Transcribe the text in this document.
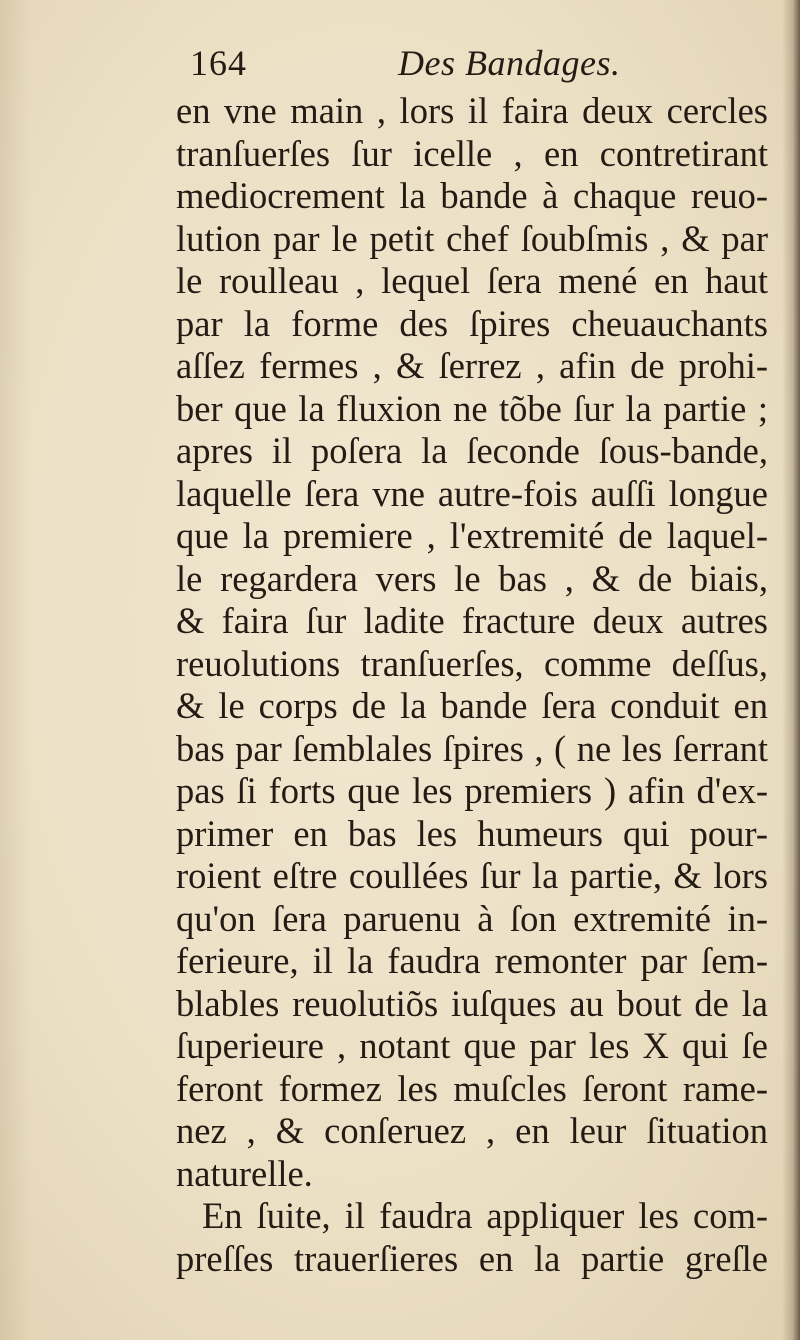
164	Des Bandages.
en vne main , lors il faira deux cercles
tranſuerſes ſur icelle , en contretirant
mediocrement la bande à chaque reuo-
lution par le petit chef ſoubſmis , & par
le roulleau , lequel ſera mené en haut
par la forme des ſpires cheuauchants
aſſez fermes , & ſerrez , afin de prohi-
ber que la fluxion ne tõbe ſur la partie ;
apres il poſera la ſeconde ſous-bande,
laquelle ſera vne autre-fois auſſi longue
que la premiere , l'extremité de laquel-
le regardera vers le bas , & de biais,
& faira ſur ladite fracture deux autres
reuolutions tranſuerſes, comme deſſus,
& le corps de la bande ſera conduit en
bas par ſemblales ſpires , ( ne les ſerrant
pas ſi forts que les premiers ) afin d'ex-
primer en bas les humeurs qui pour-
roient eſtre coullées ſur la partie, & lors
qu'on ſera paruenu à ſon extremité in-
ferieure, il la faudra remonter par ſem-
blables reuolutiõs iuſques au bout de la
ſuperieure , notant que par les X qui ſe
feront formez les muſcles ſeront rame-
nez , & conſeruez , en leur ſituation
naturelle.
En ſuite, il faudra appliquer les com-
preſſes trauerſieres en la partie greſle
